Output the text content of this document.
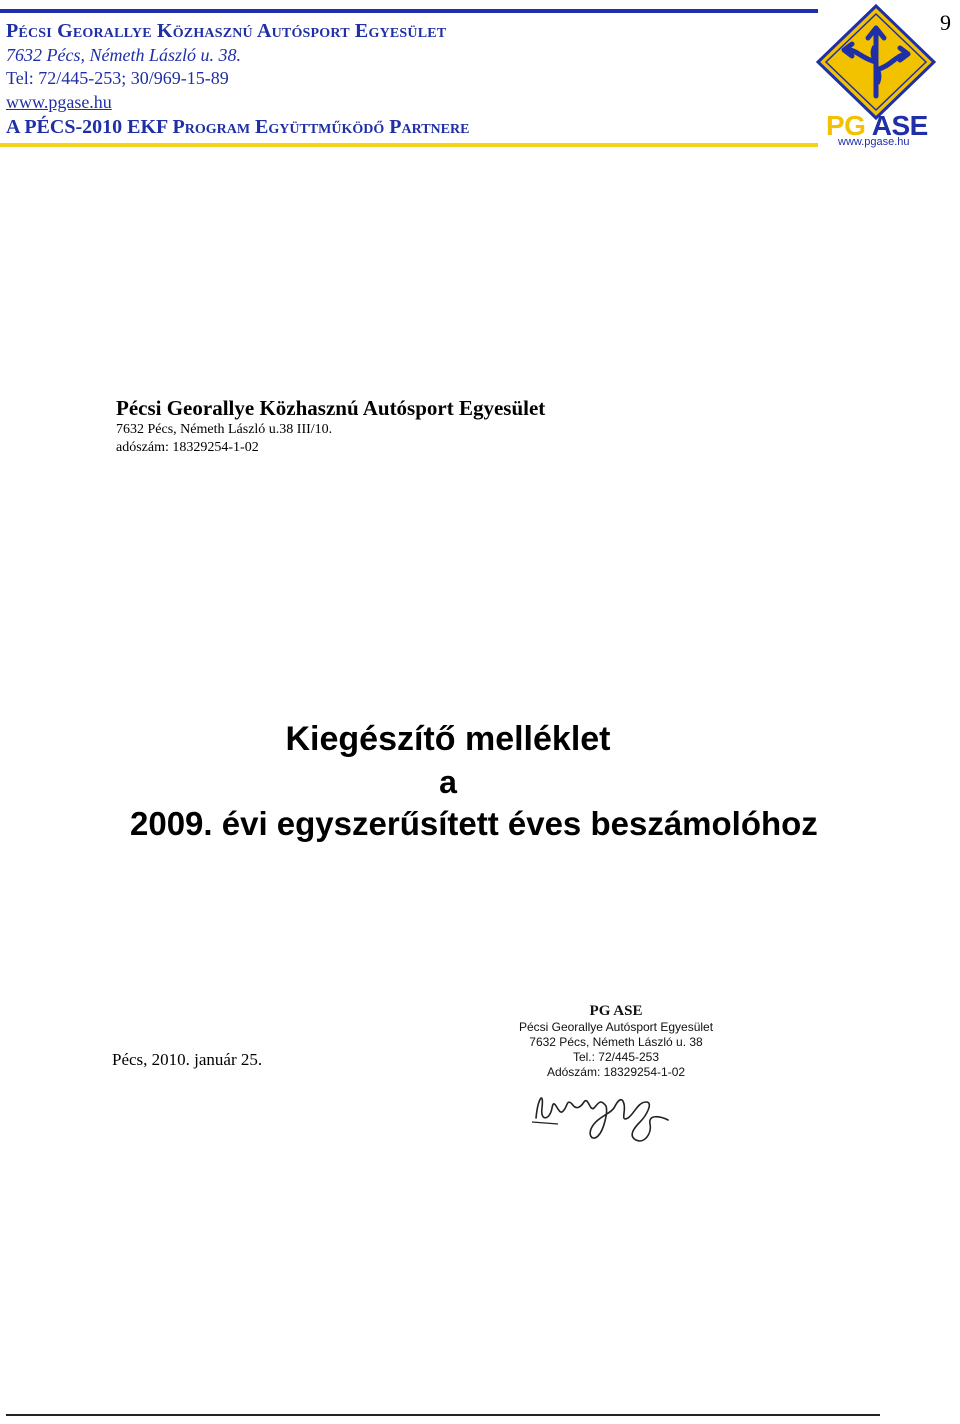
Pécsi Georallye Közhasznú Autósport Egyesület
7632 Pécs, Németh László u. 38.
Tel: 72/445-253; 30/969-15-89
www.pgase.hu
A PÉCS-2010 EKF Program Együttműködő Partnere
9
PG ASE
www.pgase.hu
Pécsi Georallye Közhasznú Autósport Egyesület
7632 Pécs, Németh László u.38 III/10.
adószám: 18329254-1-02
Kiegészítő melléklet
a
2009. évi egyszerűsített éves beszámolóhoz
Pécs, 2010. január 25.
PG ASE
Pécsi Georallye Autósport Egyesület
7632 Pécs, Németh László u. 38
Tel.: 72/445-253
Adószám: 18329254-1-02
